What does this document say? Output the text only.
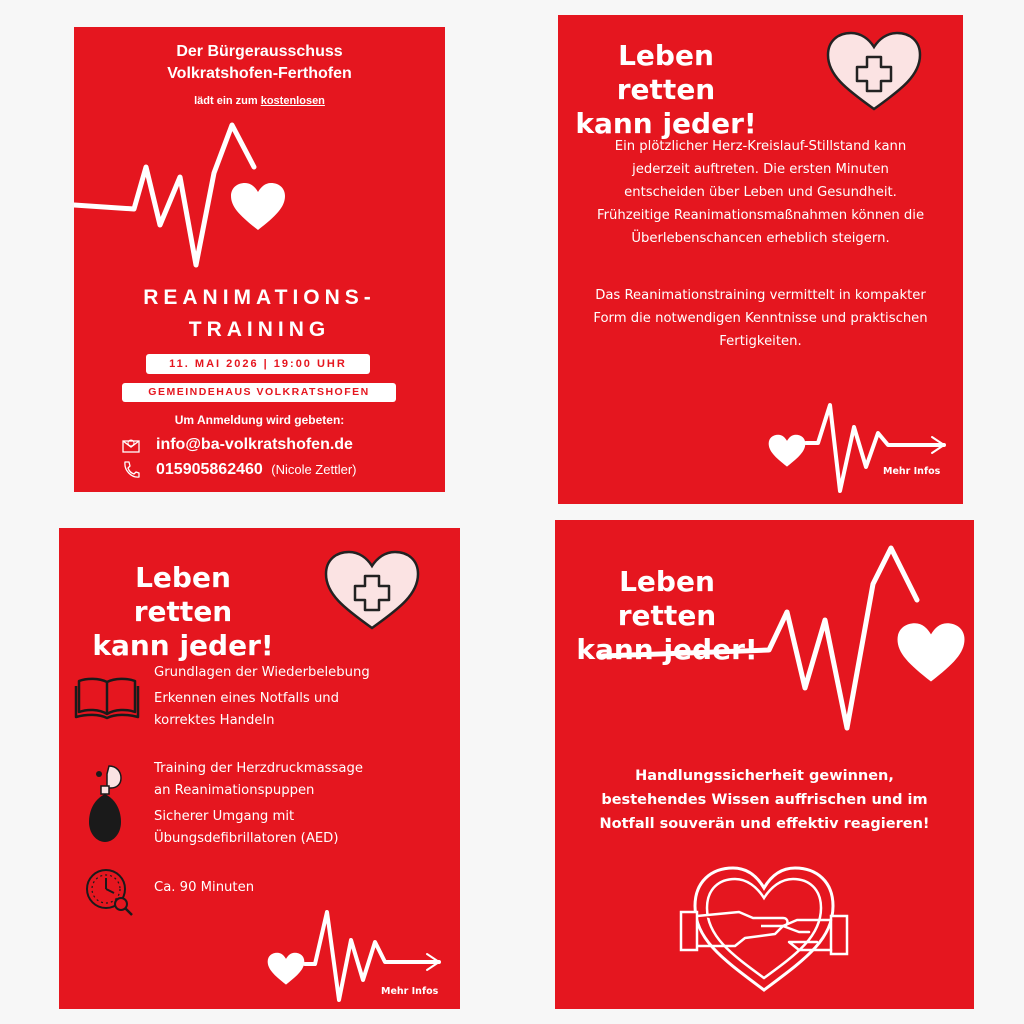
Der Bürgerausschuss
Volkratshofen-Ferthofen
lädt ein zum kostenlosen
REANIMATIONS-
TRAINING
11. MAI 2026 | 19:00 UHR
GEMEINDEHAUS VOLKRATSHOFEN
Um Anmeldung wird gebeten:
info@ba-volkratshofen.de
015905862460 (Nicole Zettler)
Leben retten
kann jeder!
Ein plötzlicher Herz-Kreislauf-Stillstand kann
jederzeit auftreten. Die ersten Minuten
entscheiden über Leben und Gesundheit.
Frühzeitige Reanimationsmaßnahmen können die
Überlebenschancen erheblich steigern.
Das Reanimationstraining vermittelt in kompakter
Form die notwendigen Kenntnisse und praktischen
Fertigkeiten.
Mehr Infos
Leben retten
kann jeder!
Grundlagen der Wiederbelebung
Erkennen eines Notfalls und
korrektes Handeln
Training der Herzdruckmassage
an Reanimationspuppen
Sicherer Umgang mit
Übungsdefibrillatoren (AED)
Ca. 90 Minuten
Mehr Infos
Leben retten
kann jeder!
Handlungssicherheit gewinnen,
bestehendes Wissen auffrischen und im
Notfall souverän und effektiv reagieren!
